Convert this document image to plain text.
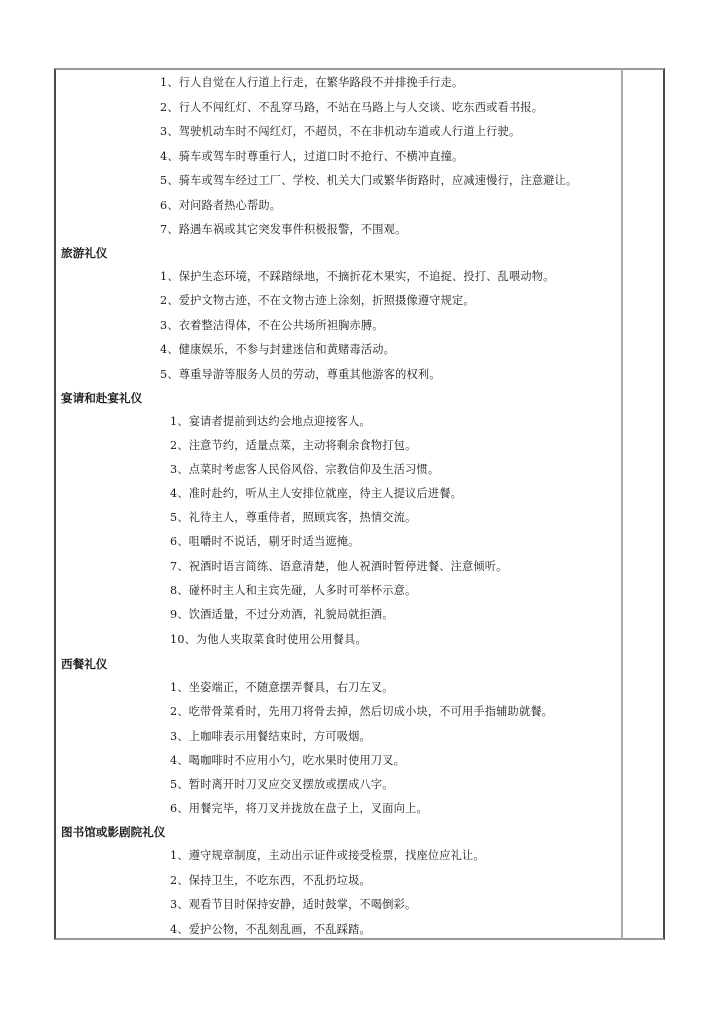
1、行人自觉在人行道上行走，在繁华路段不并排挽手行走。
2、行人不闯红灯、不乱穿马路，不站在马路上与人交谈、吃东西或看书报。
3、驾驶机动车时不闯红灯，不超员，不在非机动车道或人行道上行驶。
4、骑车或驾车时尊重行人，过道口时不抢行、不横冲直撞。
5、骑车或驾车经过工厂、学校、机关大门或繁华街路时，应减速慢行，注意避让。
6、对问路者热心帮助。
7、路遇车祸或其它突发事件积极报警，不围观。
旅游礼仪
1、保护生态环境，不踩踏绿地，不摘折花木果实，不追捉、投打、乱喂动物。
2、爱护文物古迹，不在文物古迹上涂刻，折照摄像遵守规定。
3、衣着整洁得体，不在公共场所袒胸赤膊。
4、健康娱乐，不参与封建迷信和黄赌毒活动。
5、尊重导游等服务人员的劳动，尊重其他游客的权利。
宴请和赴宴礼仪
1、宴请者提前到达约会地点迎接客人。
2、注意节约，适量点菜，主动将剩余食物打包。
3、点菜时考虑客人民俗风俗、宗教信仰及生活习惯。
4、准时赴约，听从主人安排位就座，待主人提议后进餐。
5、礼待主人，尊重侍者，照顾宾客，热情交流。
6、咀嚼时不说话，剔牙时适当遮掩。
7、祝酒时语言简练、语意清楚，他人祝酒时暂停进餐、注意倾听。
8、碰杯时主人和主宾先碰，人多时可举杯示意。
9、饮酒适量，不过分劝酒，礼貌局就拒酒。
10、为他人夹取菜食时使用公用餐具。
西餐礼仪
1、坐姿端正，不随意摆弄餐具，右刀左叉。
2、吃带骨菜肴时，先用刀将骨去掉，然后切成小块，不可用手指辅助就餐。
3、上咖啡表示用餐结束时，方可吸烟。
4、喝咖啡时不应用小勺，吃水果时使用刀叉。
5、暂时离开时刀叉应交叉摆放或摆成八字。
6、用餐完毕，将刀叉并拢放在盘子上，叉面向上。
图书馆或影剧院礼仪
1、遵守规章制度，主动出示证件或接受检票，找座位应礼让。
2、保持卫生，不吃东西，不乱扔垃圾。
3、观看节目时保持安静，适时鼓掌，不喝倒彩。
4、爱护公物，不乱刻乱画，不乱踩踏。
